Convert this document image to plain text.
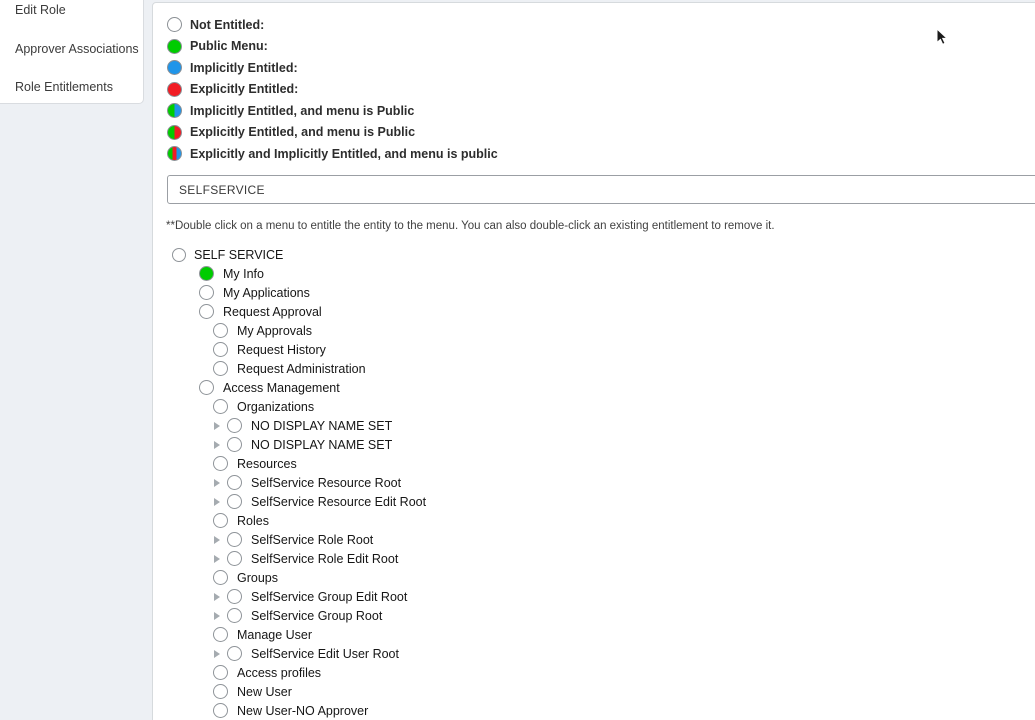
Edit Role
Approver Associations
Role Entitlements
Not Entitled:
Public Menu:
Implicitly Entitled:
Explicitly Entitled:
Implicitly Entitled, and menu is Public
Explicitly Entitled, and menu is Public
Explicitly and Implicitly Entitled, and menu is public
SELFSERVICE
**Double click on a menu to entitle the entity to the menu. You can also double-click an existing entitlement to remove it.
SELF SERVICE
My Info
My Applications
Request Approval
My Approvals
Request History
Request Administration
Access Management
Organizations
NO DISPLAY NAME SET
NO DISPLAY NAME SET
Resources
SelfService Resource Root
SelfService Resource Edit Root
Roles
SelfService Role Root
SelfService Role Edit Root
Groups
SelfService Group Edit Root
SelfService Group Root
Manage User
SelfService Edit User Root
Access profiles
New User
New User-NO Approver
